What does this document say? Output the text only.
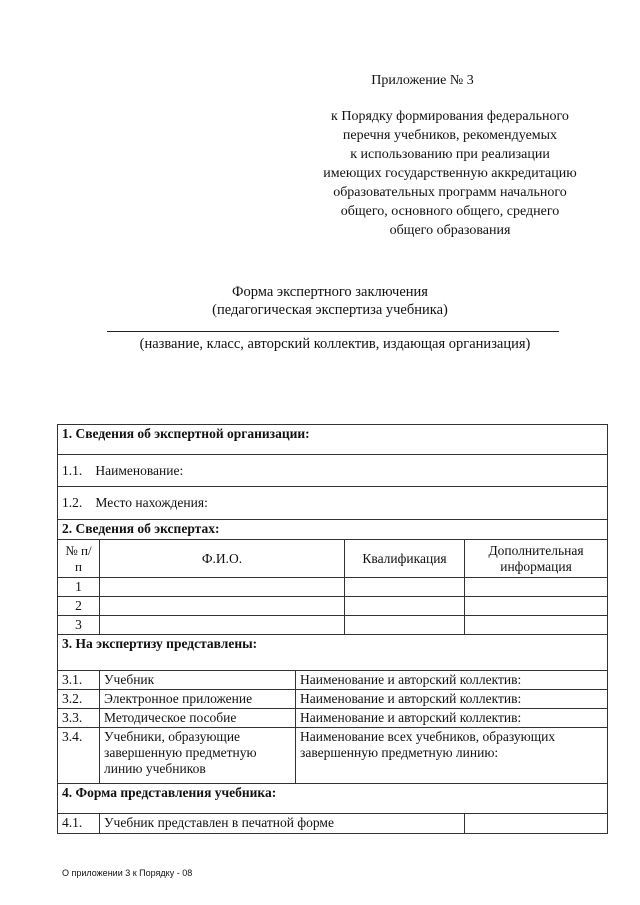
Приложение № 3
к Порядку формирования федерального
перечня учебников, рекомендуемых
к использованию при реализации
имеющих государственную аккредитацию
образовательных программ начального
общего, основного общего, среднего
общего образования
Форма экспертного заключения
(педагогическая экспертиза учебника)
(название, класс, авторский коллектив, издающая организация)
1. Сведения об экспертной организации:				
1.1. Наименование:				
1.2. Место нахождения:				
2. Сведения об экспертах:				
№ п/п	Ф.И.О.		Квалификация	Дополнительная информация
1				
2				
3				
3. На экспертизу представлены:				
3.1.	Учебник	Наименование и авторский коллектив:		
3.2.	Электронное приложение	Наименование и авторский коллектив:		
3.3.	Методическое пособие	Наименование и авторский коллектив:		
3.4.	Учебники, образующие завершенную предметную линию учебников	Наименование всех учебников, образующих завершенную предметную линию:		
4. Форма представления учебника:				
4.1.	Учебник представлен в печатной форме			
О приложении 3 к Порядку - 08
